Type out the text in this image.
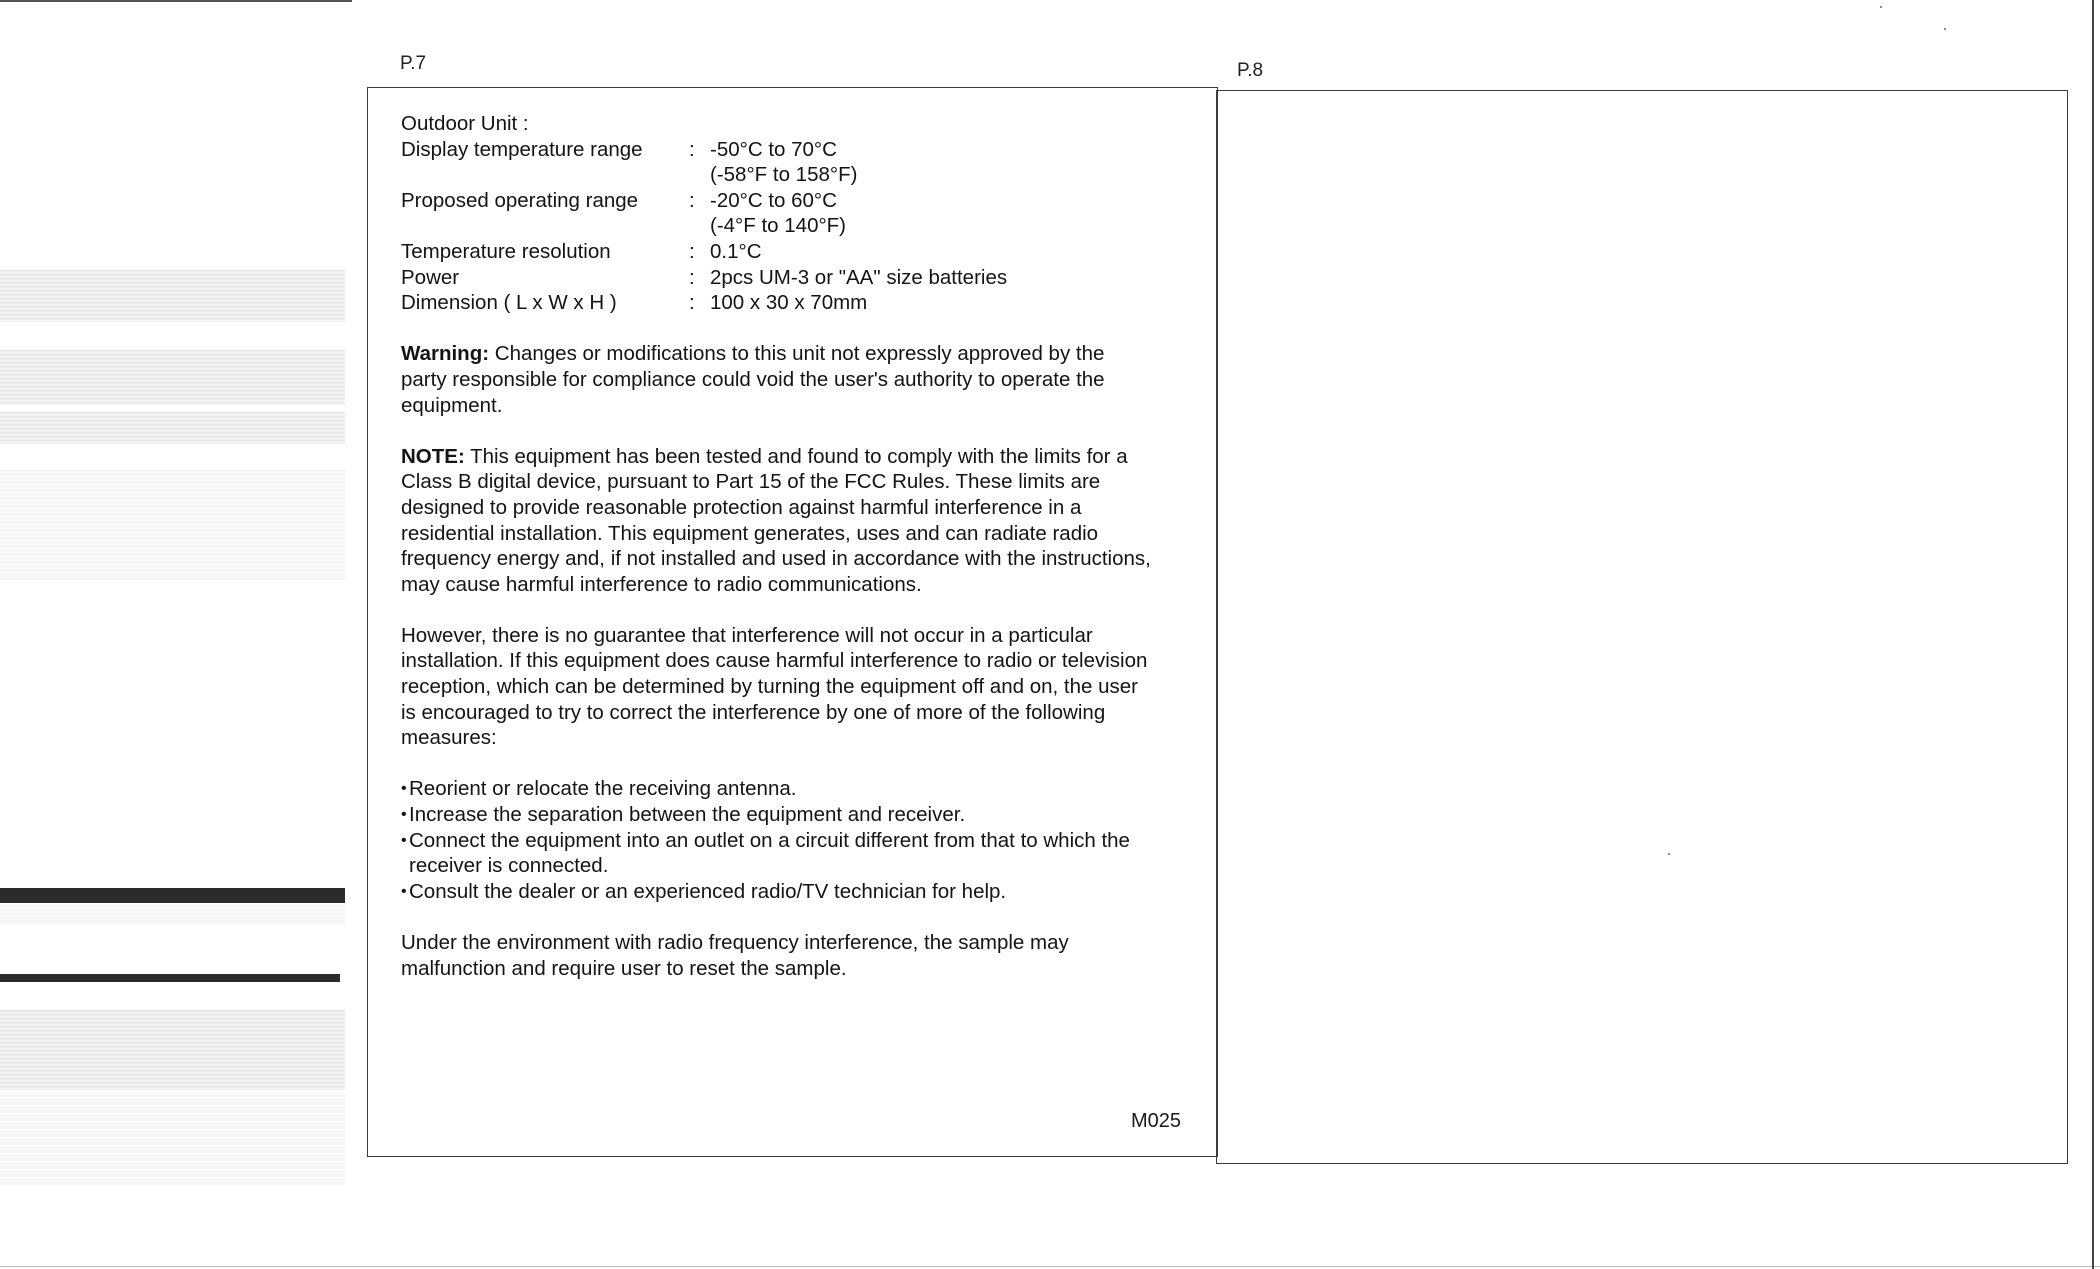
P.7	P.8
Outdoor Unit :
Display temperature range : -50°C to 70°C
(-58°F to 158°F)
Proposed operating range : -20°C to 60°C
(-4°F to 140°F)
Temperature resolution	: 0.1°C
Power	: 2pcs UM-3 or "AA" size batteries
Dimension ( L x W x H )	: 100 x 30 x 70mm

Warning: Changes or modifications to this unit not expressly approved by the
party responsible for compliance could void the user's authority to operate the
equipment.

NOTE: This equipment has been tested and found to comply with the limits for a
Class B digital device, pursuant to Part 15 of the FCC Rules. These limits are
designed to provide reasonable protection against harmful interference in a
residential installation. This equipment generates, uses and can radiate radio
frequency energy and, if not installed and used in accordance with the instructions,
may cause harmful interference to radio communications.

However, there is no guarantee that interference will not occur in a particular
installation. If this equipment does cause harmful interference to radio or television
reception, which can be determined by turning the equipment off and on, the user
is encouraged to try to correct the interference by one of more of the following
measures:

• Reorient or relocate the receiving antenna.
• Increase the separation between the equipment and receiver.
• Connect the equipment into an outlet on a circuit different from that to which the
receiver is connected.
• Consult the dealer or an experienced radio/TV technician for help.

Under the environment with radio frequency interference, the sample may
malfunction and require user to reset the sample.

M025
